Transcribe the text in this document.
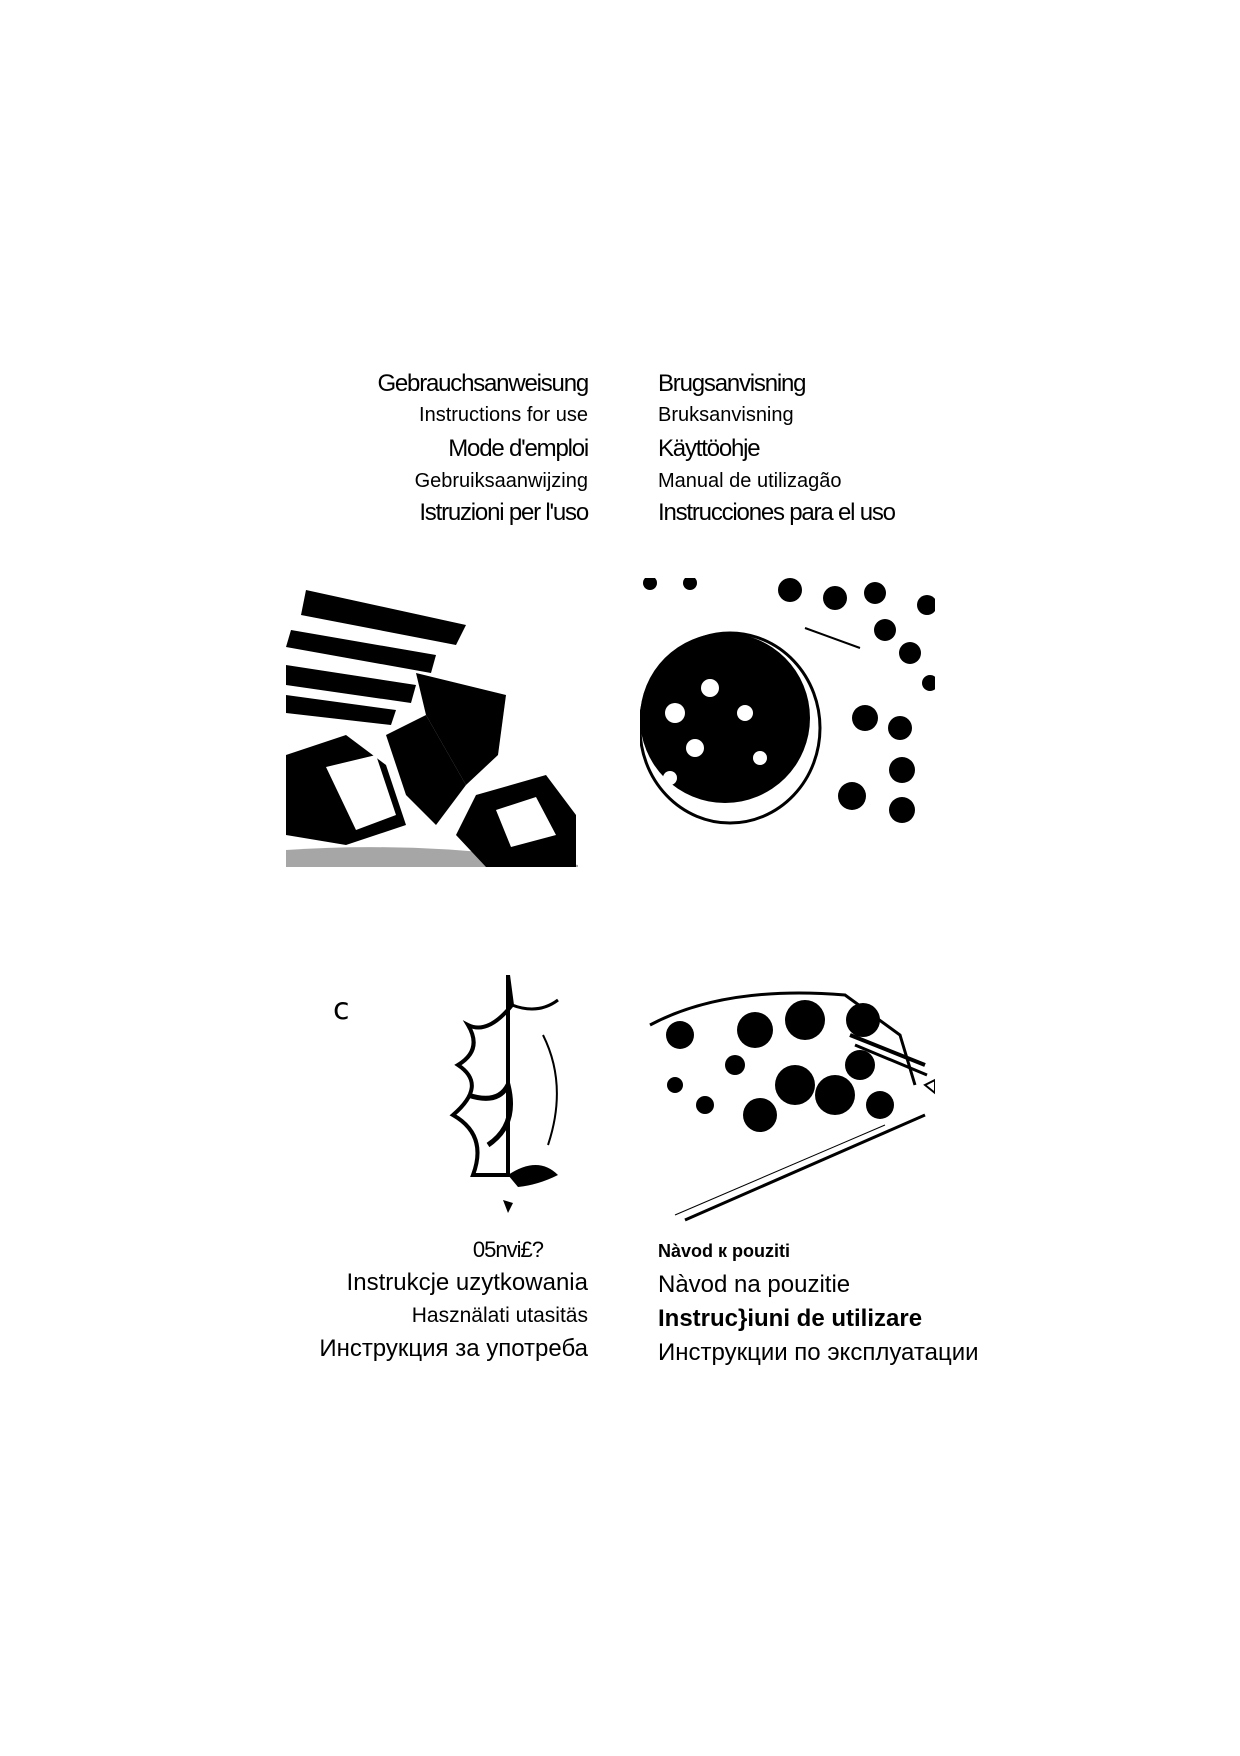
Gebrauchsanweisung
Instructions for use
Mode d'emploi
Gebruiksaanwijzing
Istruzioni per l'uso
Brugsanvisning
Bruksanvisning
Käyttöohje
Manual de utilizagão
Instrucciones para el uso
c
05nvi£?
Instrukcje uzytkowania
Hasznälati utasitäs
Инструкция за употреба
Nàvod к pouziti
Nàvod na pouzitie
Instruc}iuni de utilizare
Инструкции по эксплуатации
